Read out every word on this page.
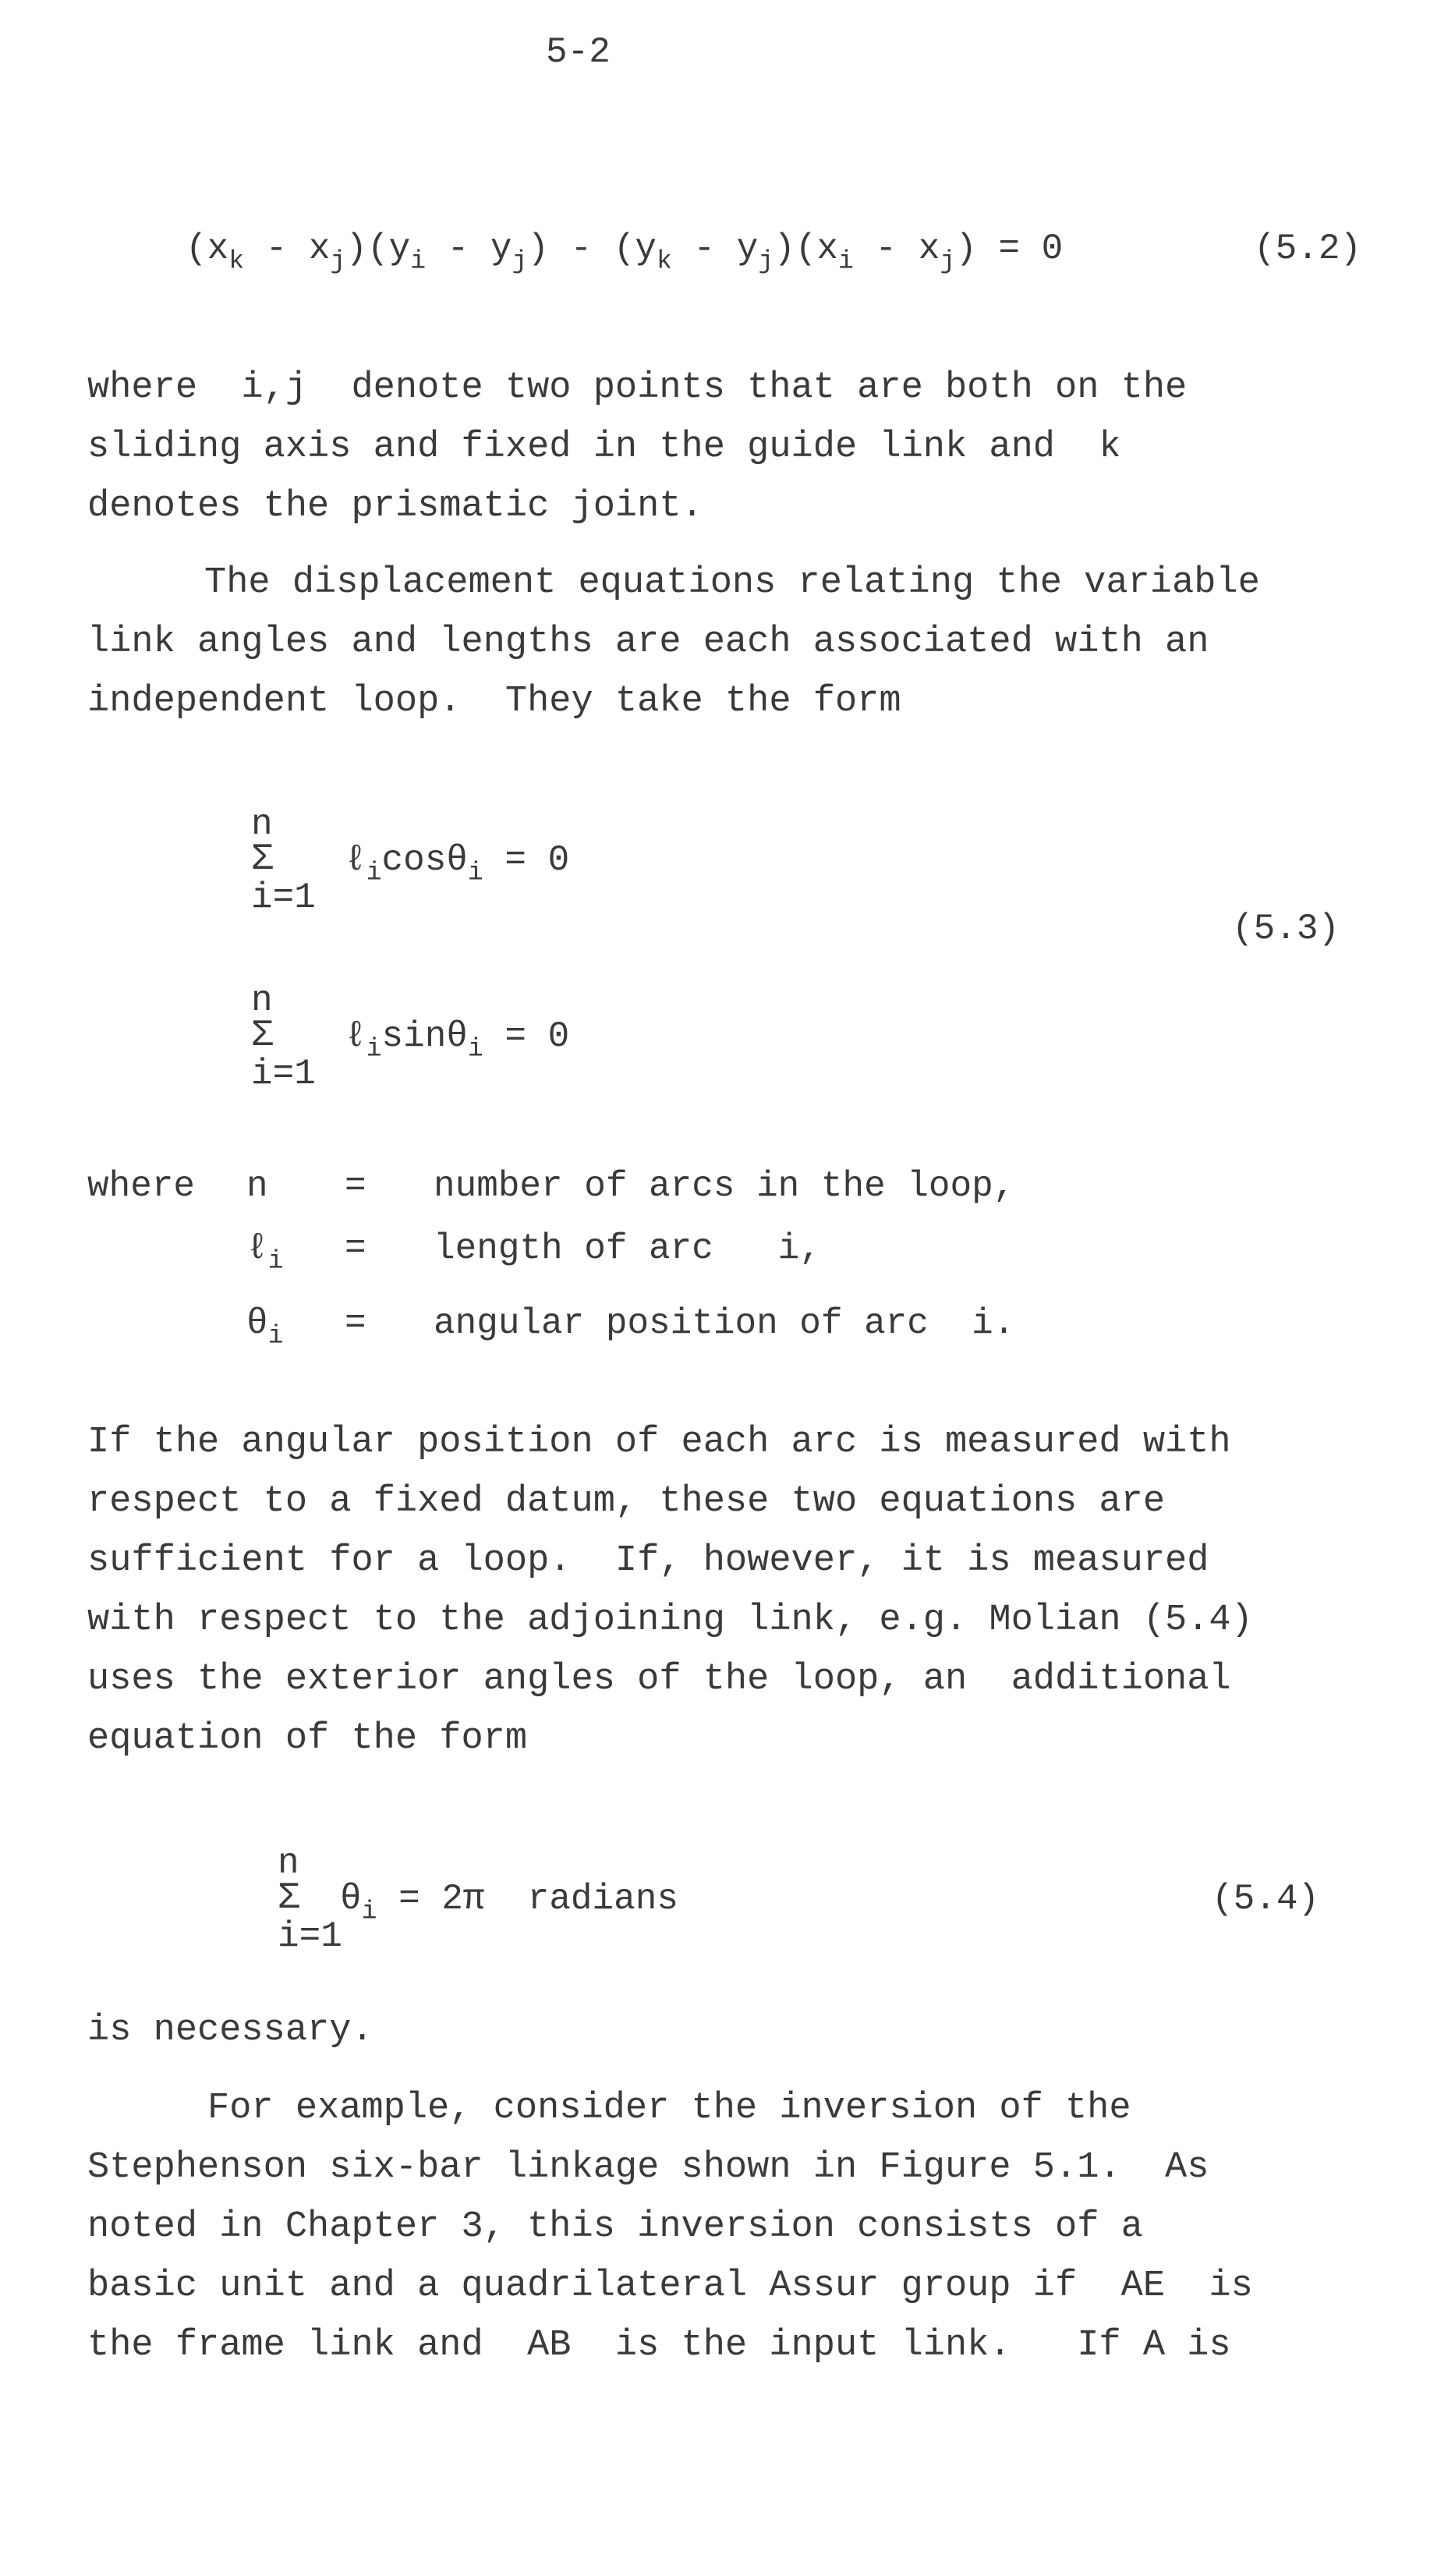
5-2
$(x_k - x_j)(y_i - y_j) - (y_k - y_j)(x_i - x_j) = 0$	(5.2)
where  i,j  denote two points that are both on the
sliding axis and fixed in the guide link and  k
denotes the prismatic joint.
The displacement equations relating the variable
link angles and lengths are each associated with an
independent loop.  They take the form
n
Σ
i=1
ℓ$_i$cosθ$_i$ = 0
(5.3)
n
Σ
i=1
ℓ$_i$sinθ$_i$ = 0
where n = number of arcs in the loop,
ℓ$_i$ = length of arc   i,
$\theta_i$ = angular position of arc  i.
If the angular position of each arc is measured with
respect to a fixed datum, these two equations are
sufficient for a loop.  If, however, it is measured
with respect to the adjoining link, e.g. Molian (5.4)
uses the exterior angles of the loop, an  additional
equation of the form
n
Σ
i=1
$\theta_i = 2\pi$  radians	(5.4)
is necessary.
For example, consider the inversion of the
Stephenson six-bar linkage shown in Figure 5.1.  As
noted in Chapter 3, this inversion consists of a
basic unit and a quadrilateral Assur group if  AE  is
the frame link and  AB  is the input link.   If A is
